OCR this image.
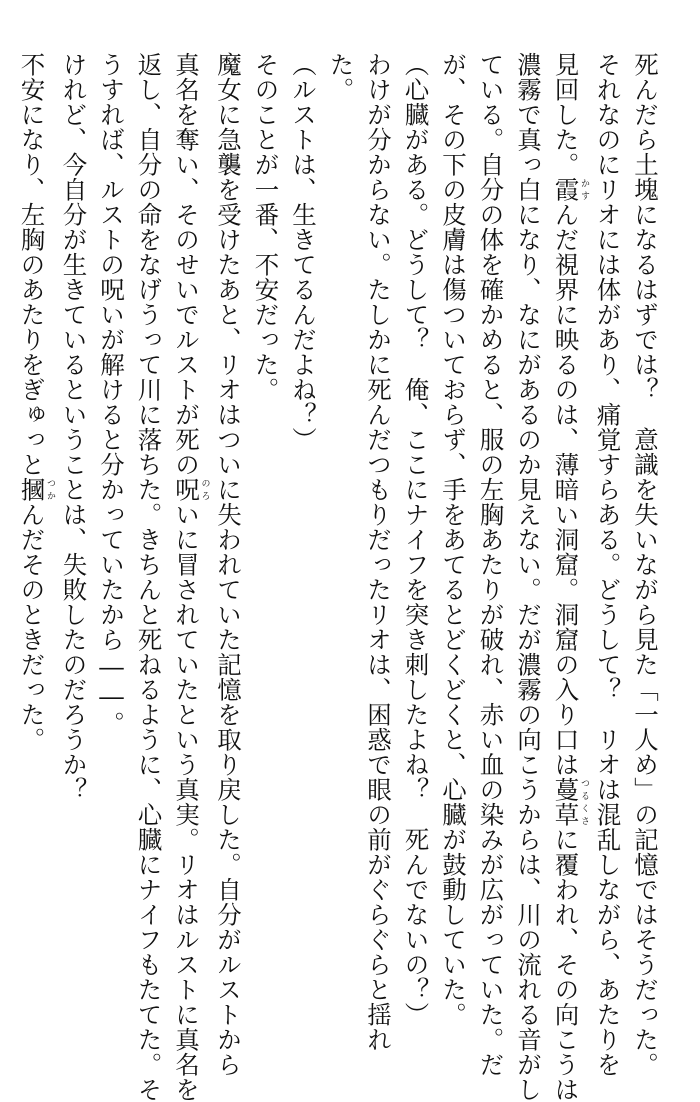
死んだら土塊になるはずでは？　意識を失いながら見た「一人め」の記憶ではそうだった。
それなのにリオには体があり、痛覚すらある。どうして？　リオは混乱しながら、あたりを
見回した。霞かすんだ視界に映るのは、薄暗い洞窟。洞窟の入り口は蔓草つるくさに覆われ、その向こうは
濃霧で真っ白になり、なにがあるのか見えない。だが濃霧の向こうからは、川の流れる音がし
ている。自分の体を確かめると、服の左胸あたりが破れ、赤い血の染みが広がっていた。だ
が、その下の皮膚は傷ついておらず、手をあてるとどくどくと、心臓が鼓動していた。
（心臓がある。どうして？　俺、ここにナイフを突き刺したよね？　死んでないの？）
わけが分からない。たしかに死んだつもりだったリオは、困惑で眼の前がぐらぐらと揺れ
た。
（ルストは、生きてるんだよね？）
そのことが一番、不安だった。
魔女に急襲を受けたあと、リオはついに失われていた記憶を取り戻した。自分がルストから
真名を奪い、そのせいでルストが死の呪のろいに冒されていたという真実。リオはルストに真名を
返し、自分の命をなげうって川に落ちた。きちんと死ねるように、心臓にナイフもたてた。そ
うすれば、ルストの呪いが解けると分かっていたから――。
けれど、今自分が生きているということは、失敗したのだろうか？
不安になり、左胸のあたりをぎゅっと摑つかんだそのときだった。
